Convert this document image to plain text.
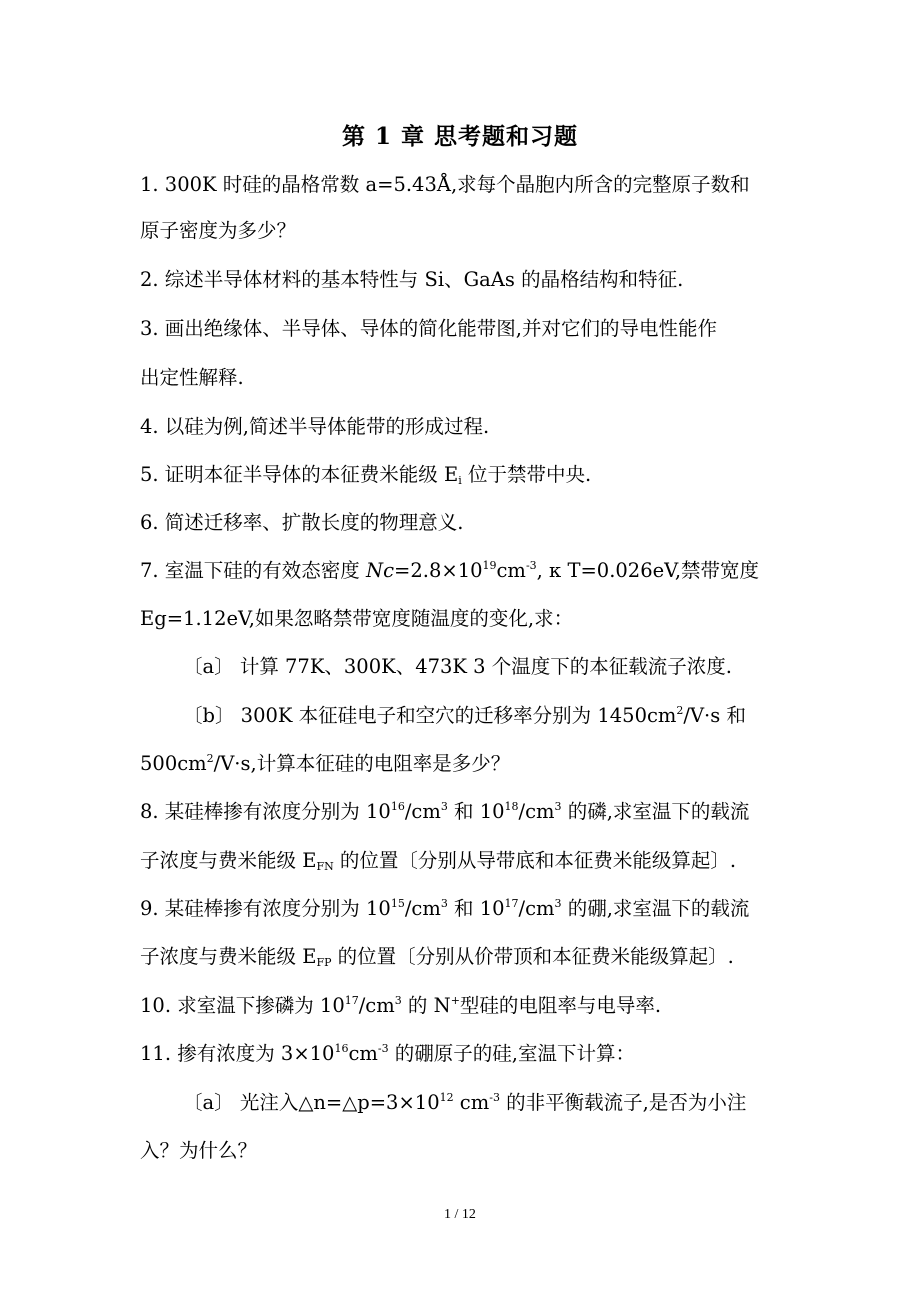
第 1 章 思考题和习题
1. 300K 时硅的晶格常数 a=5.43Å,求每个晶胞内所含的完整原子数和
原子密度为多少？
2. 综述半导体材料的基本特性与 Si、GaAs 的晶格结构和特征.
3. 画出绝缘体、半导体、导体的简化能带图,并对它们的导电性能作
出定性解释.
4. 以硅为例,简述半导体能带的形成过程.
5. 证明本征半导体的本征费米能级 $E_i$ 位于禁带中央.
6. 简述迁移率、扩散长度的物理意义.
7. 室温下硅的有效态密度 $Nc=2.8\times 10^{19}cm^{-3}$, κ T=0.026eV,禁带宽度
Eg=1.12eV,如果忽略禁带宽度随温度的变化,求：
〔a〕 计算 77K、300K、473K 3 个温度下的本征载流子浓度.
〔b〕 300K 本征硅电子和空穴的迁移率分别为 $1450cm^2/V\cdot s$ 和
$500cm^2/V\cdot s$,计算本征硅的电阻率是多少？
8. 某硅棒掺有浓度分别为 $10^{16}/cm^3$ 和 $10^{18}/cm^3$ 的磷,求室温下的载流
子浓度与费米能级 $E_{FN}$ 的位置〔分别从导带底和本征费米能级算起〕.
9. 某硅棒掺有浓度分别为 $10^{15}/cm^3$ 和 $10^{17}/cm^3$ 的硼,求室温下的载流
子浓度与费米能级 $E_{FP}$ 的位置〔分别从价带顶和本征费米能级算起〕.
10. 求室温下掺磷为 $10^{17}/cm^3$ 的 N+型硅的电阻率与电导率.
11. 掺有浓度为 $3\times 10^{16}cm^{-3}$ 的硼原子的硅,室温下计算：
〔a〕 光注入$\triangle n=\triangle p=3\times 10^{12}$ $cm^{-3}$ 的非平衡载流子,是否为小注
入？为什么？
1 / 12
